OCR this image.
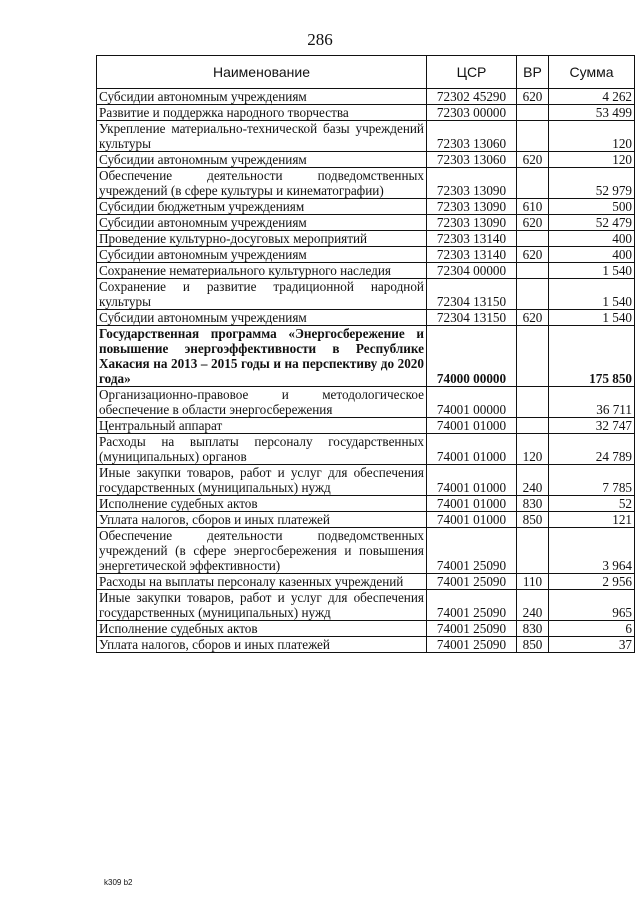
286
Наименование	ЦСР	ВР	Сумма
Субсидии автономным учреждениям	72302 45290	620	4 262
Развитие и поддержка народного творчества	72303 00000		53 499
Укрепление материально-технической базы учреждений культуры	72303 13060		120
Субсидии автономным учреждениям	72303 13060	620	120
Обеспечение деятельности подведомственных учреждений (в сфере культуры и кинематографии)	72303 13090		52 979
Субсидии бюджетным учреждениям	72303 13090	610	500
Субсидии автономным учреждениям	72303 13090	620	52 479
Проведение культурно-досуговых мероприятий	72303 13140		400
Субсидии автономным учреждениям	72303 13140	620	400
Сохранение нематериального культурного наследия	72304 00000		1 540
Сохранение и развитие традиционной народной культуры	72304 13150		1 540
Субсидии автономным учреждениям	72304 13150	620	1 540
Государственная программа «Энергосбережение и повышение энергоэффективности в Республике Хакасия на 2013 – 2015 годы и на перспективу до 2020 года»	74000 00000		175 850
Организационно-правовое и методологическое обеспечение в области энергосбережения	74001 00000		36 711
Центральный аппарат	74001 01000		32 747
Расходы на выплаты персоналу государственных (муниципальных) органов	74001 01000	120	24 789
Иные закупки товаров, работ и услуг для обеспечения государственных (муниципальных) нужд	74001 01000	240	7 785
Исполнение судебных актов	74001 01000	830	52
Уплата налогов, сборов и иных платежей	74001 01000	850	121
Обеспечение деятельности подведомственных учреждений (в сфере энергосбережения и повышения энергетической эффективности)	74001 25090		3 964
Расходы на выплаты персоналу казенных учреждений	74001 25090	110	2 956
Иные закупки товаров, работ и услуг для обеспечения государственных (муниципальных) нужд	74001 25090	240	965
Исполнение судебных актов	74001 25090	830	6
Уплата налогов, сборов и иных платежей	74001 25090	850	37
k309 b2
